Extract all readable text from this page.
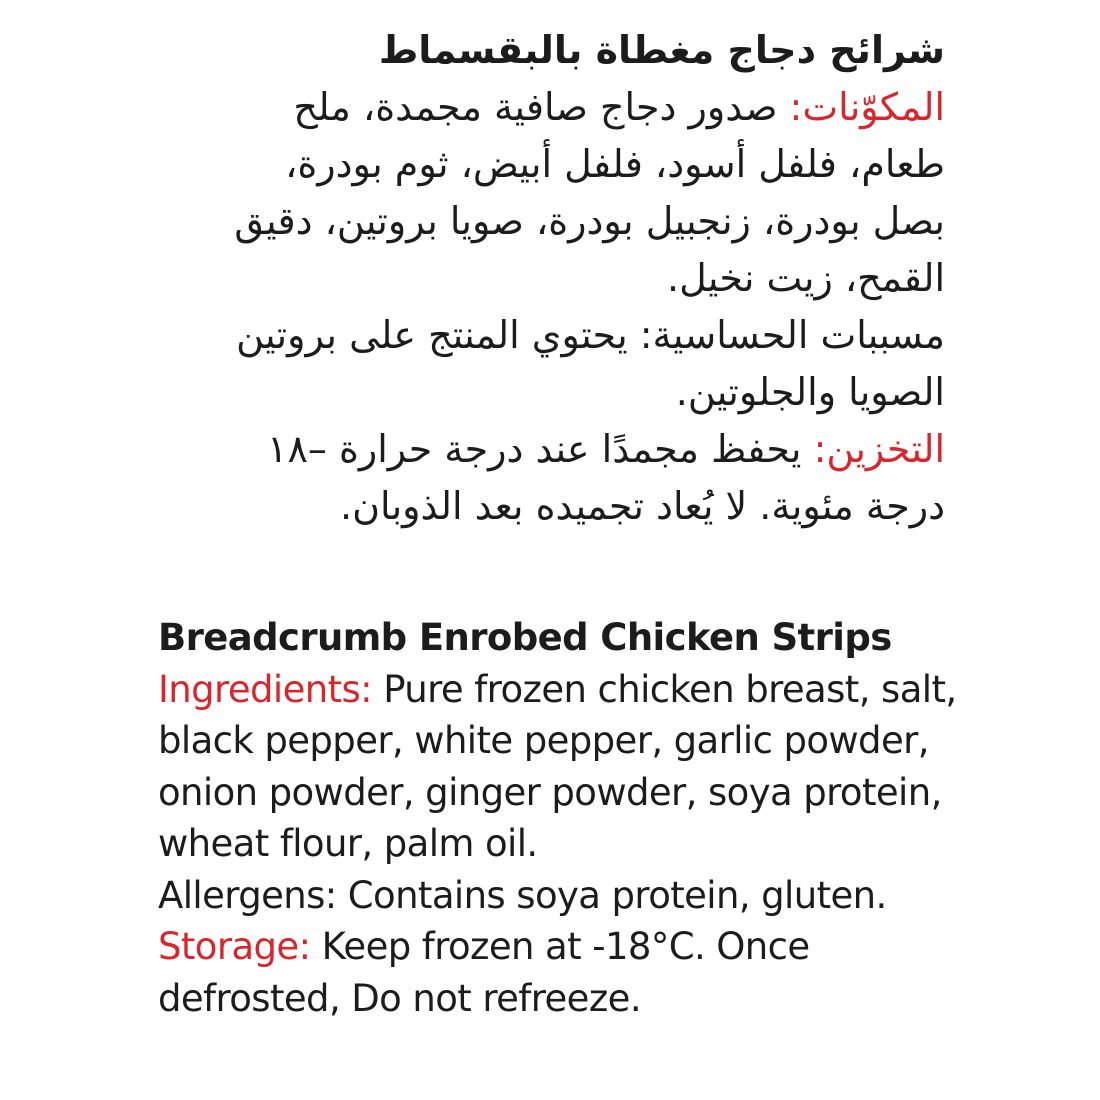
شرائح دجاج مغطاة بالبقسماط
المكوّنات: صدور دجاج صافية مجمدة، ملح
طعام، فلفل أسود، فلفل أبيض، ثوم بودرة،
بصل بودرة، زنجبيل بودرة، صويا بروتين، دقيق
القمح، زيت نخيل.
مسببات الحساسية: يحتوي المنتج على بروتين
الصويا والجلوتين.
التخزين: يحفظ مجمدًا عند درجة حرارة –١٨
درجة مئوية. لا يُعاد تجميده بعد الذوبان.
Breadcrumb Enrobed Chicken Strips
Ingredients: Pure frozen chicken breast, salt,
black pepper, white pepper, garlic powder,
onion powder, ginger powder, soya protein,
wheat flour, palm oil.
Allergens: Contains soya protein, gluten.
Storage: Keep frozen at -18°C. Once
defrosted, Do not refreeze.
